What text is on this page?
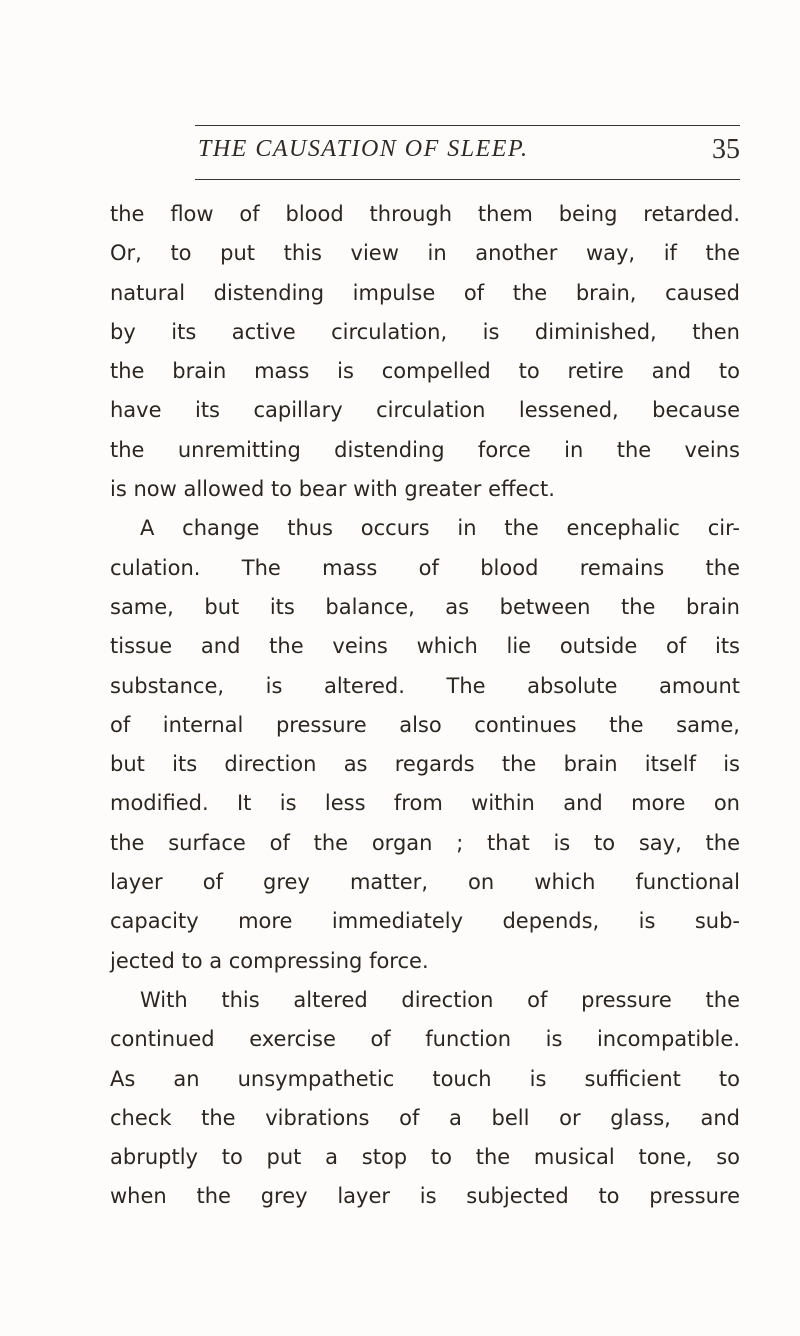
THE CAUSATION OF SLEEP.	35
the flow of blood through them being retarded.
Or, to put this view in another way, if the
natural distending impulse of the brain, caused
by its active circulation, is diminished, then
the brain mass is compelled to retire and to
have its capillary circulation lessened, because
the unremitting distending force in the veins
is now allowed to bear with greater effect.
A change thus occurs in the encephalic cir-
culation. The mass of blood remains the
same, but its balance, as between the brain
tissue and the veins which lie outside of its
substance, is altered. The absolute amount
of internal pressure also continues the same,
but its direction as regards the brain itself is
modified. It is less from within and more on
the surface of the organ ; that is to say, the
layer of grey matter, on which functional
capacity more immediately depends, is sub-
jected to a compressing force.
With this altered direction of pressure the
continued exercise of function is incompatible.
As an unsympathetic touch is sufficient to
check the vibrations of a bell or glass, and
abruptly to put a stop to the musical tone, so
when the grey layer is subjected to pressure
